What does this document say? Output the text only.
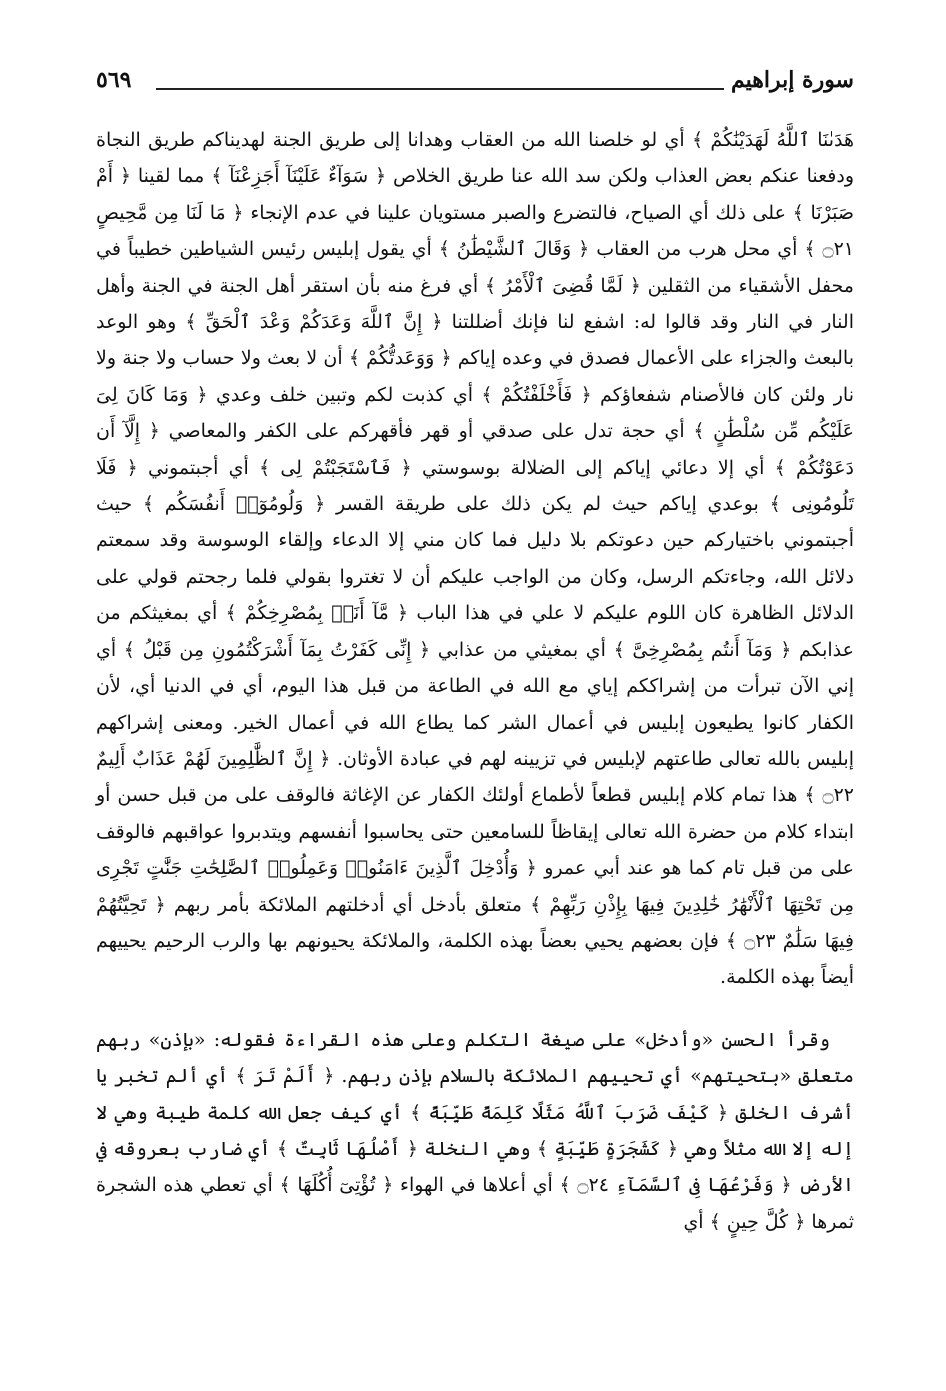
سورة إبراهيم
٥٦٩

هَدَىٰنَا ٱللَّهُ لَهَدَيْنَٰكُمْ ﴾ أي لو خلصنا الله من العقاب وهدانا إلى طريق الجنة لهديناكم طريق النجاة ودفعنا عنكم بعض العذاب ولكن سد الله عنا طريق الخلاص ﴿ سَوَآءٌ عَلَيْنَآ أَجَزِعْنَآ ﴾ مما لقينا ﴿ أَمْ صَبَرْنَا ﴾ على ذلك أي الصياح، فالتضرع والصبر مستويان علينا في عدم الإنجاء ﴿ مَا لَنَا مِن مَّحِيصٍ ۝٢١ ﴾ أي محل هرب من العقاب ﴿ وَقَالَ ٱلشَّيْطَٰنُ ﴾ أي يقول إبليس رئيس الشياطين خطيباً في محفل الأشقياء من الثقلين ﴿ لَمَّا قُضِىَ ٱلْأَمْرُ ﴾ أي فرغ منه بأن استقر أهل الجنة في الجنة وأهل النار في النار وقد قالوا له: اشفع لنا فإنك أضللتنا ﴿ إِنَّ ٱللَّهَ وَعَدَكُمْ وَعْدَ ٱلْحَقِّ ﴾ وهو الوعد بالبعث والجزاء على الأعمال فصدق في وعده إياكم ﴿ وَوَعَدتُّكُمْ ﴾ أن لا بعث ولا حساب ولا جنة ولا نار ولئن كان فالأصنام شفعاؤكم ﴿ فَأَخْلَفْتُكُمْ ﴾ أي كذبت لكم وتبين خلف وعدي ﴿ وَمَا كَانَ لِىَ عَلَيْكُم مِّن سُلْطَٰنٍ ﴾ أي حجة تدل على صدقي أو قهر فأقهركم على الكفر والمعاصي ﴿ إِلَّآ أَن دَعَوْتُكُمْ ﴾ أي إلا دعائي إياكم إلى الضلالة بوسوستي ﴿ فَٱسْتَجَبْتُمْ لِى ﴾ أي أجبتموني ﴿ فَلَا تَلُومُونِى ﴾ بوعدي إياكم حيث لم يكن ذلك على طريقة القسر ﴿ وَلُومُوٓا۟ أَنفُسَكُم ﴾ حيث أجبتموني باختياركم حين دعوتكم بلا دليل فما كان مني إلا الدعاء وإلقاء الوسوسة وقد سمعتم دلائل الله، وجاءتكم الرسل، وكان من الواجب عليكم أن لا تغتروا بقولي فلما رجحتم قولي على الدلائل الظاهرة كان اللوم عليكم لا علي في هذا الباب ﴿ مَّآ أَنَا۠ بِمُصْرِخِكُمْ ﴾ أي بمغيثكم من عذابكم ﴿ وَمَآ أَنتُم بِمُصْرِخِىَّ ﴾ أي بمغيثي من عذابي ﴿ إِنِّى كَفَرْتُ بِمَآ أَشْرَكْتُمُونِ مِن قَبْلُ ﴾ أي إني الآن تبرأت من إشراككم إياي مع الله في الطاعة من قبل هذا اليوم، أي في الدنيا أي، لأن الكفار كانوا يطيعون إبليس في أعمال الشر كما يطاع الله في أعمال الخير. ومعنى إشراكهم إبليس بالله تعالى طاعتهم لإبليس في تزيينه لهم في عبادة الأوثان. ﴿ إِنَّ ٱلظَّٰلِمِينَ لَهُمْ عَذَابٌ أَلِيمٌ ۝٢٢ ﴾ هذا تمام كلام إبليس قطعاً لأطماع أولئك الكفار عن الإغاثة فالوقف على من قبل حسن أو ابتداء كلام من حضرة الله تعالى إيقاظاً للسامعين حتى يحاسبوا أنفسهم ويتدبروا عواقبهم فالوقف على من قبل تام كما هو عند أبي عمرو ﴿ وَأُدْخِلَ ٱلَّذِينَ ءَامَنُوا۟ وَعَمِلُوا۟ ٱلصَّٰلِحَٰتِ جَنَّٰتٍ تَجْرِى مِن تَحْتِهَا ٱلْأَنْهَٰرُ خَٰلِدِينَ فِيهَا بِإِذْنِ رَبِّهِمْ ﴾ متعلق بأدخل أي أدخلتهم الملائكة بأمر ربهم ﴿ تَحِيَّتُهُمْ فِيهَا سَلَٰمٌ ۝٢٣ ﴾ فإن بعضهم يحيي بعضاً بهذه الكلمة، والملائكة يحيونهم بها والرب الرحيم يحييهم أيضاً بهذه الكلمة.

وقرأ الحسن «وأدخل» على صيغة التكلم وعلى هذه القراءة فقوله: «بإذن» ربهم متعلق «بتحيتهم» أي تحييهم الملائكة بالسلام بإذن ربهم. ﴿ أَلَمْ تَرَ ﴾ أي ألم تخبر يا أشرف الخلق ﴿ كَيْفَ ضَرَبَ ٱللَّهُ مَثَلًا كَلِمَةً طَيِّبَةً ﴾ أي كيف جعل الله كلمة طيبة وهي لا إله إلا الله مثلاً وهي ﴿ كَشَجَرَةٍ طَيِّبَةٍ ﴾ وهي النخلة ﴿ أَصْلُهَا ثَابِتٌ ﴾ أي ضارب بعروقه في الأرض ﴿ وَفَرْعُهَا فِى ٱلسَّمَآءِ ۝٢٤ ﴾ أي أعلاها في الهواء ﴿ تُؤْتِىٓ أُكُلَهَا ﴾ أي تعطي هذه الشجرة ثمرها ﴿ كُلَّ حِينٍ ﴾ أي
